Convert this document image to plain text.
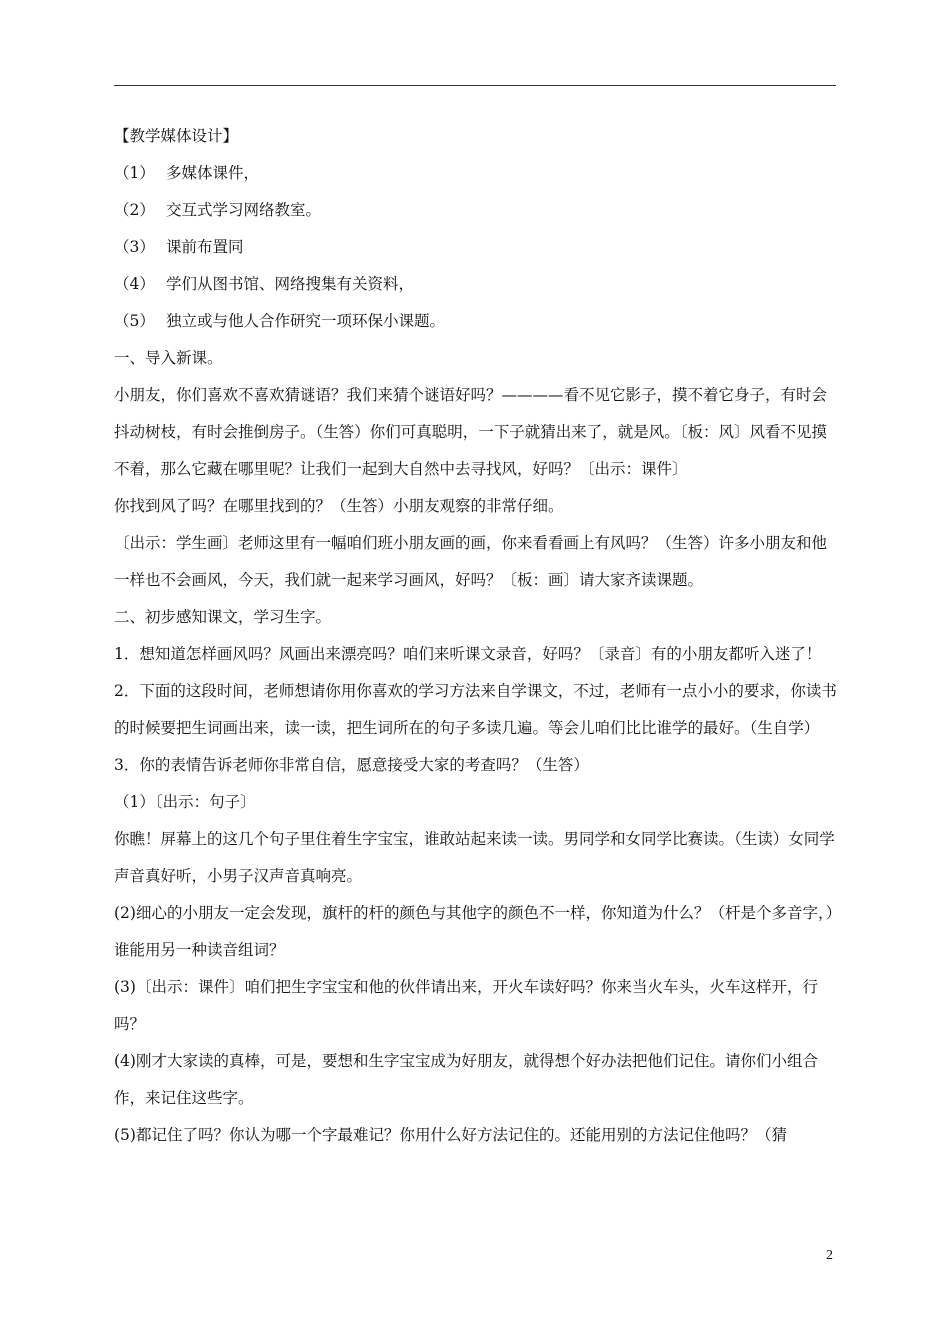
【教学媒体设计】

（1） 多媒体课件，
（2） 交互式学习网络教室。
（3） 课前布置同
（4） 学们从图书馆、网络搜集有关资料，
（5） 独立或与他人合作研究一项环保小课题。

一、导入新课。

小朋友，你们喜欢不喜欢猜谜语？我们来猜个谜语好吗？————看不见它影子，摸不着它身子，有时会抖动树枝，有时会推倒房子。（生答）你们可真聪明，一下子就猜出来了，就是风。〔板：风〕风看不见摸不着，那么它藏在哪里呢？让我们一起到大自然中去寻找风，好吗？〔出示：课件〕

你找到风了吗？在哪里找到的？（生答）小朋友观察的非常仔细。

〔出示：学生画〕老师这里有一幅咱们班小朋友画的画，你来看看画上有风吗？（生答）许多小朋友和他一样也不会画风，今天，我们就一起来学习画风，好吗？〔板：画〕请大家齐读课题。

二、初步感知课文，学习生字。

1．想知道怎样画风吗？风画出来漂亮吗？咱们来听课文录音，好吗？〔录音〕有的小朋友都听入迷了！

2．下面的这段时间，老师想请你用你喜欢的学习方法来自学课文，不过，老师有一点小小的要求，你读书的时候要把生词画出来，读一读，把生词所在的句子多读几遍。等会儿咱们比比谁学的最好。（生自学）

3．你的表情告诉老师你非常自信，愿意接受大家的考查吗？（生答）

（1）〔出示：句子〕

你瞧！屏幕上的这几个句子里住着生字宝宝，谁敢站起来读一读。男同学和女同学比赛读。（生读）女同学声音真好听，小男子汉声音真响亮。

(2)细心的小朋友一定会发现，旗杆的杆的颜色与其他字的颜色不一样，你知道为什么？（杆是个多音字，）谁能用另一种读音组词？

(3)〔出示：课件〕咱们把生字宝宝和他的伙伴请出来，开火车读好吗？你来当火车头，火车这样开，行吗？

(4)刚才大家读的真棒，可是，要想和生字宝宝成为好朋友，就得想个好办法把他们记住。请你们小组合作，来记住这些字。

(5)都记住了吗？你认为哪一个字最难记？你用什么好方法记住的。还能用别的方法记住他吗？（猜

2
